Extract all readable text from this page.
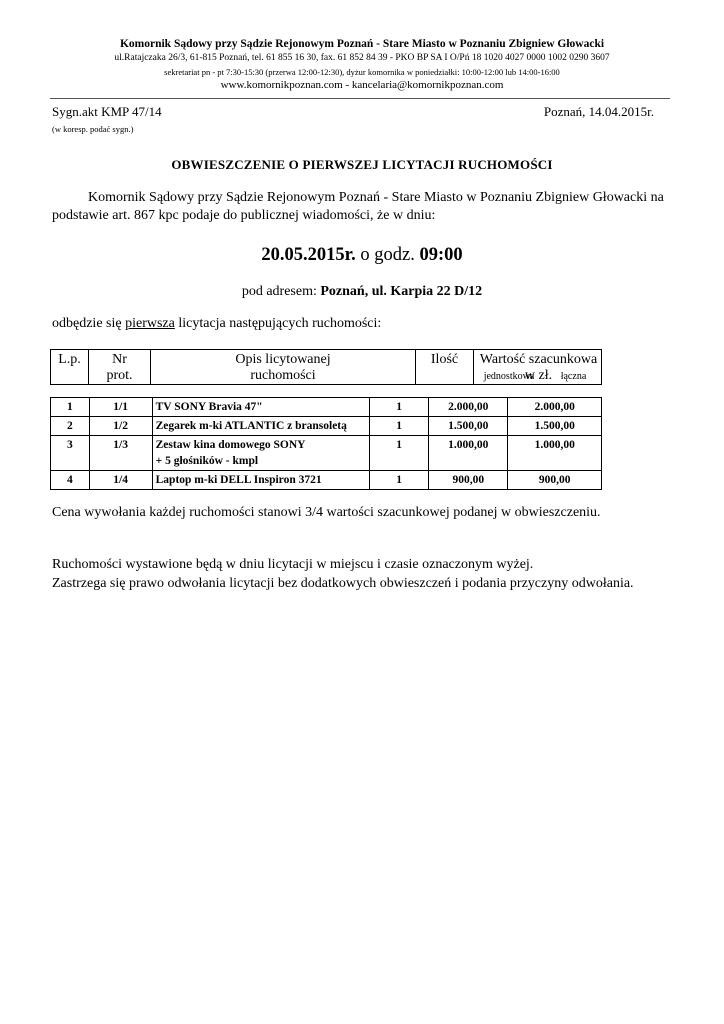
Komornik Sądowy przy Sądzie Rejonowym Poznań - Stare Miasto w Poznaniu Zbigniew Głowacki
ul.Ratajczaka 26/3, 61-815 Poznań, tel. 61 855 16 30, fax. 61 852 84 39 - PKO BP SA I O/Pń 18 1020 4027 0000 1002 0290 3607
sekretariat pn - pt 7:30-15:30 (przerwa 12:00-12:30), dyżur komornika w poniedziałki: 10:00-12:00 lub 14:00-16:00
www.komornikpoznan.com - kancelaria@komornikpoznan.com
Sygn.akt KMP 47/14	Poznań, 14.04.2015r.
(w koresp. podać sygn.)
OBWIESZCZENIE O PIERWSZEJ LICYTACJI RUCHOMOŚCI
Komornik Sądowy przy Sądzie Rejonowym Poznań - Stare Miasto w Poznaniu Zbigniew Głowacki na podstawie art. 867 kpc podaje do publicznej wiadomości, że w dniu:
20.05.2015r. o godz. 09:00
pod adresem: Poznań, ul. Karpia 22 D/12
odbędzie się pierwsza licytacja następujących ruchomości:
L.p.	Nr
prot.
Opis licytowanej
ruchomości
Ilość	Wartość szacunkowa w zł.
jednostkowa	łączna
1	1/1	TV SONY Bravia 47"	1	2.000,00	2.000,00
2	1/2	Zegarek m-ki ATLANTIC z bransoletą	1	1.500,00	1.500,00
3	1/3	Zestaw kina domowego SONY
+ 5 głośników - kmpl	1	1.000,00	1.000,00
4	1/4	Laptop m-ki DELL Inspiron 3721	1	900,00	900,00
Cena wywołania każdej ruchomości stanowi 3/4 wartości szacunkowej podanej w obwieszczeniu.
Ruchomości wystawione będą w dniu licytacji w miejscu i czasie oznaczonym wyżej.
Zastrzega się prawo odwołania licytacji bez dodatkowych obwieszczeń i podania przyczyny odwołania.
